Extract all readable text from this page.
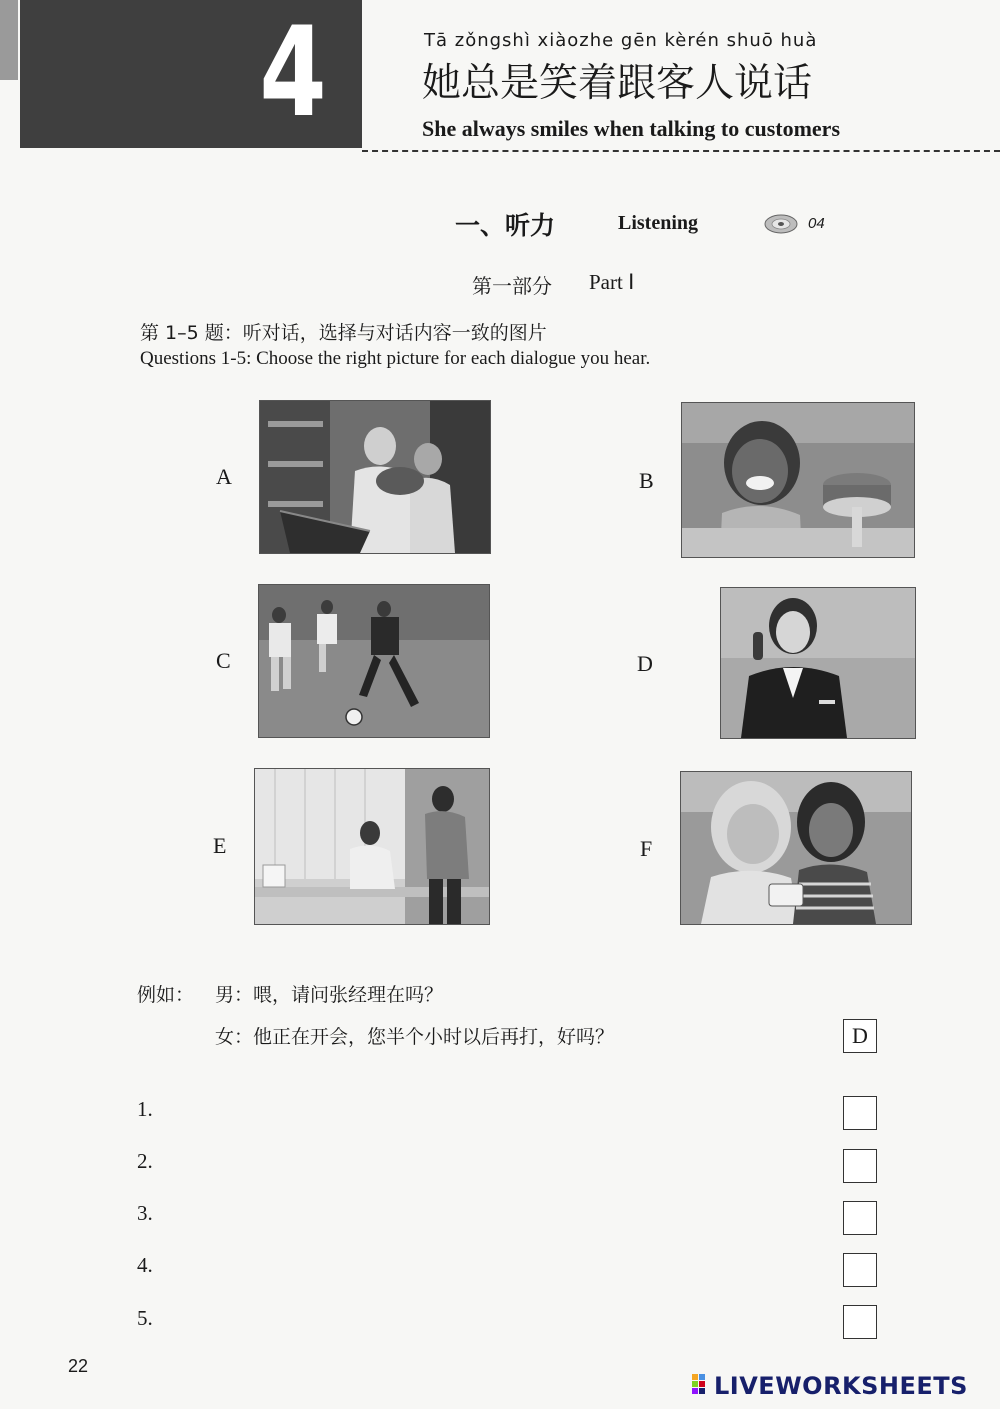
4	Tā zǒngshì xiàozhe gēn kèrén shuō huà
她总是笑着跟客人说话
She always smiles when talking to customers
一、听力	Listening	04
第一部分 Part Ⅰ
第 1–5 题：听对话，选择与对话内容一致的图片
Questions 1-5: Choose the right picture for each dialogue you hear.
A	B
C	D
E	F
例如： 男：喂，请问张经理在吗？
女：他正在开会，您半个小时以后再打，好吗？	D
1.
2.
3.
4.
5.
22
LIVEWORKSHEETS
